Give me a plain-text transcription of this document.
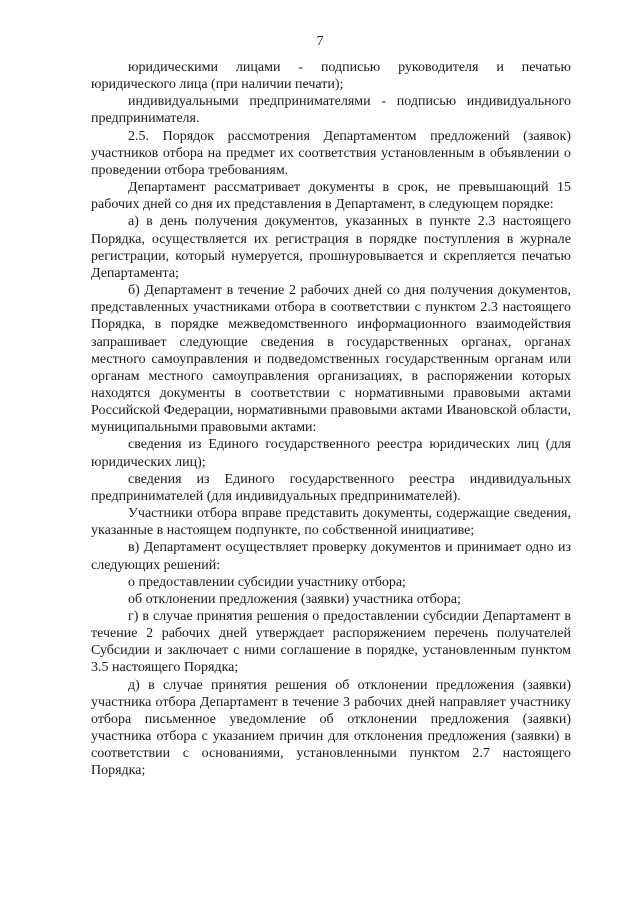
7

юридическими лицами - подписью руководителя и печатью юридического лица (при наличии печати);

индивидуальными предпринимателями - подписью индивидуального предпринимателя.

2.5. Порядок рассмотрения Департаментом предложений (заявок) участников отбора на предмет их соответствия установленным в объявлении о проведении отбора требованиям.

Департамент рассматривает документы в срок, не превышающий 15 рабочих дней со дня их представления в Департамент, в следующем порядке:

а) в день получения документов, указанных в пункте 2.3 настоящего Порядка, осуществляется их регистрация в порядке поступления в журнале регистрации, который нумеруется, прошнуровывается и скрепляется печатью Департамента;

б) Департамент в течение 2 рабочих дней со дня получения документов, представленных участниками отбора в соответствии с пунктом 2.3 настоящего Порядка, в порядке межведомственного информационного взаимодействия запрашивает следующие сведения в государственных органах, органах местного самоуправления и подведомственных государственным органам или органам местного самоуправления организациях, в распоряжении которых находятся документы в соответствии с нормативными правовыми актами Российской Федерации, нормативными правовыми актами Ивановской области, муниципальными правовыми актами:

сведения из Единого государственного реестра юридических лиц (для юридических лиц);

сведения из Единого государственного реестра индивидуальных предпринимателей (для индивидуальных предпринимателей).

Участники отбора вправе представить документы, содержащие сведения, указанные в настоящем подпункте, по собственной инициативе;

в) Департамент осуществляет проверку документов и принимает одно из следующих решений:

о предоставлении субсидии участнику отбора;

об отклонении предложения (заявки) участника отбора;

г) в случае принятия решения о предоставлении субсидии Департамент в течение 2 рабочих дней утверждает распоряжением перечень получателей Субсидии и заключает с ними соглашение в порядке, установленным пунктом 3.5 настоящего Порядка;

д) в случае принятия решения об отклонении предложения (заявки) участника отбора Департамент в течение 3 рабочих дней направляет участнику отбора письменное уведомление об отклонении предложения (заявки) участника отбора с указанием причин для отклонения предложения (заявки) в соответствии с основаниями, установленными пунктом 2.7 настоящего Порядка;
